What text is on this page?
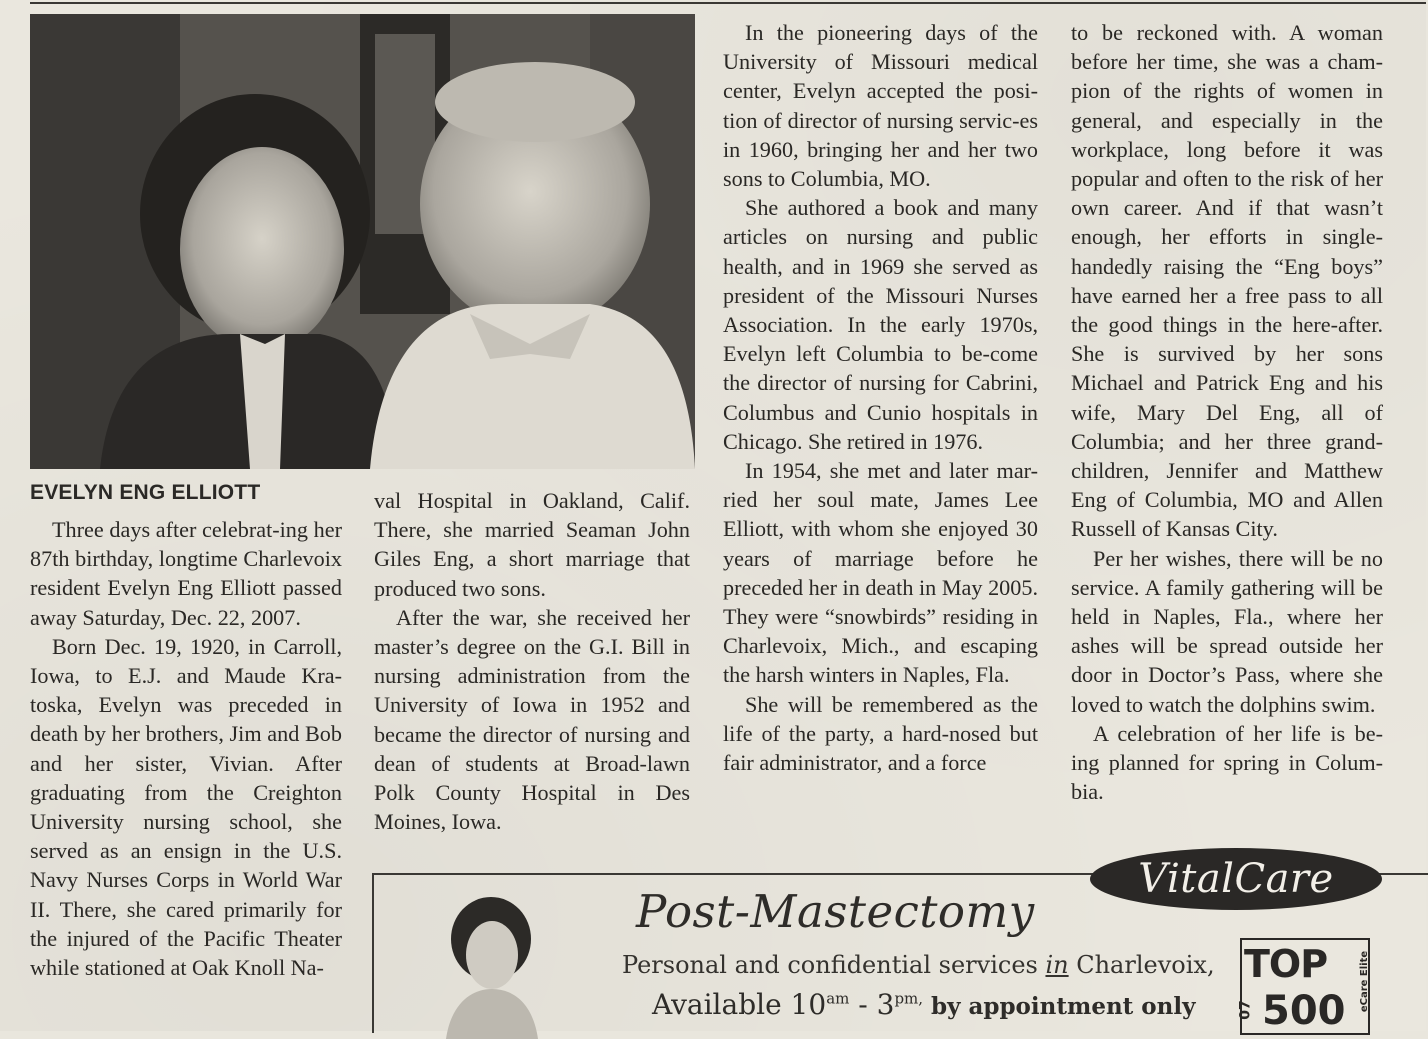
EVELYN ENG ELLIOTT

Three days after celebrat-ing her 87th birthday, longtime Charlevoix resident Evelyn Eng Elliott passed away Saturday, Dec. 22, 2007.

Born Dec. 19, 1920, in Carroll, Iowa, to E.J. and Maude Kra-toska, Evelyn was preceded in death by her brothers, Jim and Bob and her sister, Vivian. After graduating from the Creighton University nursing school, she served as an ensign in the U.S. Navy Nurses Corps in World War II. There, she cared primarily for the injured of the Pacific Theater while stationed at Oak Knoll Na-

val Hospital in Oakland, Calif. There, she married Seaman John Giles Eng, a short marriage that produced two sons.

After the war, she received her master’s degree on the G.I. Bill in nursing administration from the University of Iowa in 1952 and became the director of nursing and dean of students at Broad-lawn Polk County Hospital in Des Moines, Iowa.

In the pioneering days of the University of Missouri medical center, Evelyn accepted the posi-tion of director of nursing servic-es in 1960, bringing her and her two sons to Columbia, MO.

She authored a book and many articles on nursing and public health, and in 1969 she served as president of the Missouri Nurses Association. In the early 1970s, Evelyn left Columbia to be-come the director of nursing for Cabrini, Columbus and Cunio hospitals in Chicago. She retired in 1976.

In 1954, she met and later mar-ried her soul mate, James Lee Elliott, with whom she enjoyed 30 years of marriage before he preceded her in death in May 2005. They were “snowbirds” residing in Charlevoix, Mich., and escaping the harsh winters in Naples, Fla.

She will be remembered as the life of the party, a hard-nosed but fair administrator, and a force

to be reckoned with. A woman before her time, she was a cham-pion of the rights of women in general, and especially in the workplace, long before it was popular and often to the risk of her own career. And if that wasn’t enough, her efforts in single-handedly raising the “Eng boys” have earned her a free pass to all the good things in the here-after. She is survived by her sons Michael and Patrick Eng and his wife, Mary Del Eng, all of Columbia; and her three grand-children, Jennifer and Matthew Eng of Columbia, MO and Allen Russell of Kansas City.

Per her wishes, there will be no service. A family gathering will be held in Naples, Fla., where her ashes will be spread outside her door in Doctor’s Pass, where she loved to watch the dolphins swim.

A celebration of her life is be-ing planned for spring in Colum-bia.

Post-Mastectomy
Personal and confidential services in Charlevoix,
Available $10^{am} - 3^{pm,}$ by appointment only
VitalCare
TOP
500
07	eCare Elite
